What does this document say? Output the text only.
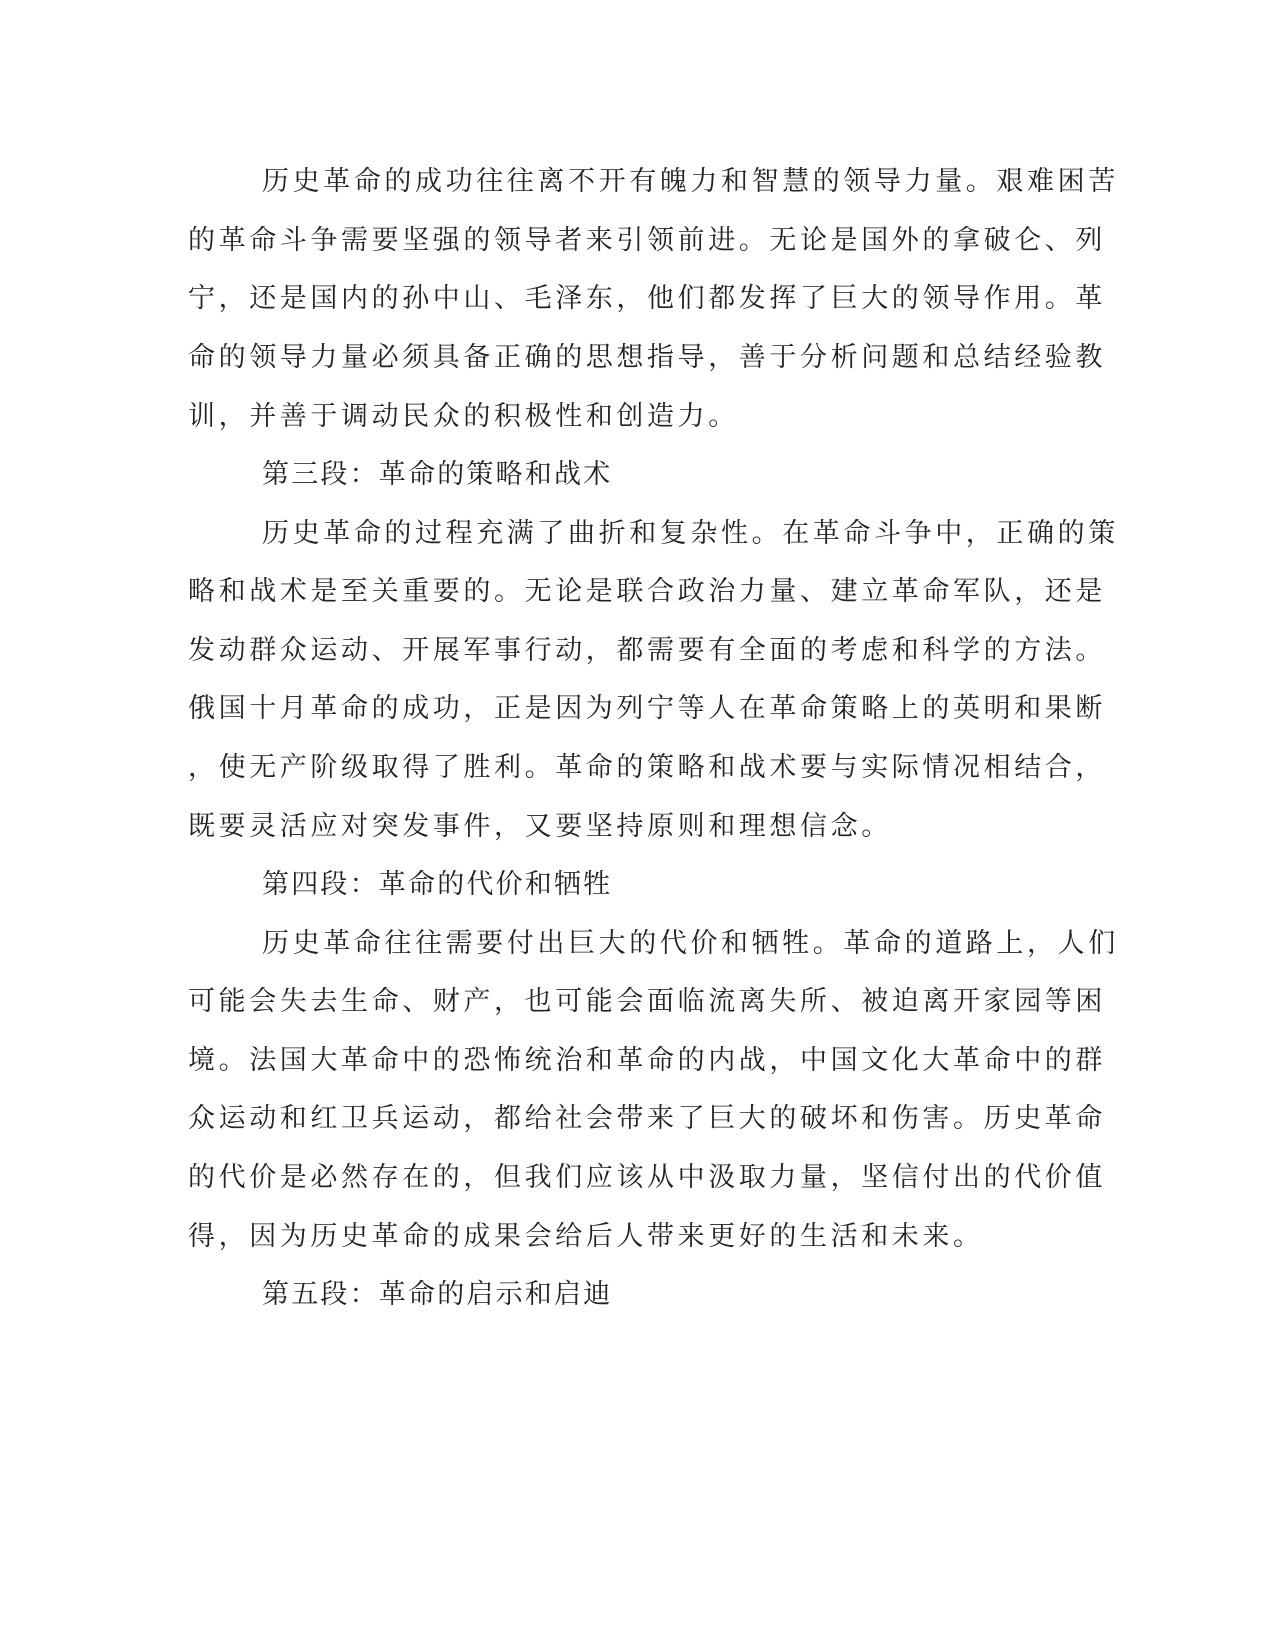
历史革命的成功往往离不开有魄力和智慧的领导力量。艰难困苦
的革命斗争需要坚强的领导者来引领前进。无论是国外的拿破仑、列
宁，还是国内的孙中山、毛泽东，他们都发挥了巨大的领导作用。革
命的领导力量必须具备正确的思想指导，善于分析问题和总结经验教
训，并善于调动民众的积极性和创造力。
第三段：革命的策略和战术
历史革命的过程充满了曲折和复杂性。在革命斗争中，正确的策
略和战术是至关重要的。无论是联合政治力量、建立革命军队，还是
发动群众运动、开展军事行动，都需要有全面的考虑和科学的方法。
俄国十月革命的成功，正是因为列宁等人在革命策略上的英明和果断
，使无产阶级取得了胜利。革命的策略和战术要与实际情况相结合，
既要灵活应对突发事件，又要坚持原则和理想信念。
第四段：革命的代价和牺牲
历史革命往往需要付出巨大的代价和牺牲。革命的道路上，人们
可能会失去生命、财产，也可能会面临流离失所、被迫离开家园等困
境。法国大革命中的恐怖统治和革命的内战，中国文化大革命中的群
众运动和红卫兵运动，都给社会带来了巨大的破坏和伤害。历史革命
的代价是必然存在的，但我们应该从中汲取力量，坚信付出的代价值
得，因为历史革命的成果会给后人带来更好的生活和未来。
第五段：革命的启示和启迪
